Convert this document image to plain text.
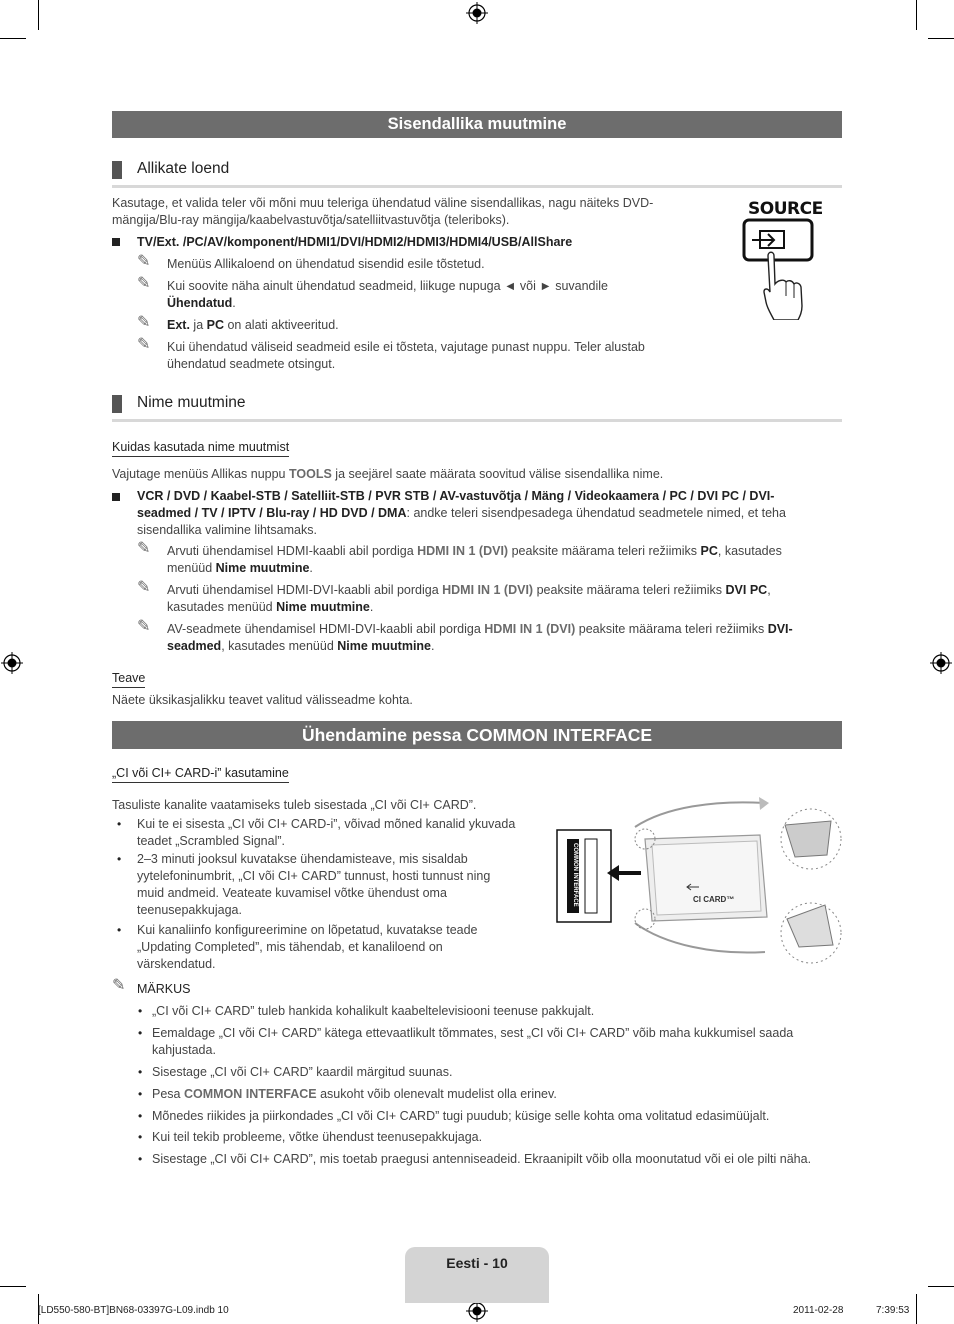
Sisendallika muutmine
Allikate loend
Kasutage, et valida teler või mõni muu teleriga ühendatud väline sisendallikas, nagu näiteks DVD-mängija/Blu-ray mängija/kaabelvastuvõtja/satelliitvastuvõtja (teleriboks).
TV/Ext. /PC/AV/komponent/HDMI1/DVI/HDMI2/HDMI3/HDMI4/USB/AllShare
✎ Menüüs Allikaloend on ühendatud sisendid esile tõstetud.
✎ Kui soovite näha ainult ühendatud seadmeid, liikuge nupuga ◄ või ► suvandile
Ühendatud.
✎ Ext. ja PC on alati aktiveeritud.
✎ Kui ühendatud väliseid seadmeid esile ei tõsteta, vajutage punast nuppu. Teler alustab ühendatud seadmete otsingut.
SOURCE
Nime muutmine
Kuidas kasutada nime muutmist
Vajutage menüüs Allikas nuppu TOOLS ja seejärel saate määrata soovitud välise sisendallika nime.
VCR / DVD / Kaabel-STB / Satelliit-STB / PVR STB / AV-vastuvõtja / Mäng / Videokaamera / PC / DVI PC / DVI-seadmed / TV / IPTV / Blu-ray / HD DVD / DMA: andke teleri sisendpesadega ühendatud seadmetele nimed, et teha sisendallika valimine lihtsamaks.
✎ Arvuti ühendamisel HDMI-kaabli abil pordiga HDMI IN 1 (DVI) peaksite määrama teleri režiimiks PC, kasutades menüüd Nime muutmine.
✎ Arvuti ühendamisel HDMI-DVI-kaabli abil pordiga HDMI IN 1 (DVI) peaksite määrama teleri režiimiks DVI PC, kasutades menüüd Nime muutmine.
✎ AV-seadmete ühendamisel HDMI-DVI-kaabli abil pordiga HDMI IN 1 (DVI) peaksite määrama teleri režiimiks DVI-seadmed, kasutades menüüd Nime muutmine.
Teave
Näete üksikasjalikku teavet valitud välisseadme kohta.
Ühendamine pessa COMMON INTERFACE
„CI või CI+ CARD-i” kasutamine
Tasuliste kanalite vaatamiseks tuleb sisestada „CI või CI+ CARD”.
• Kui te ei sisesta „CI või CI+ CARD-i”, võivad mõned kanalid ykuvada teadet „Scrambled Signal”.
• 2–3 minuti jooksul kuvatakse ühendamisteave, mis sisaldab yytelefoninumbrit, „CI või CI+ CARD” tunnust, hosti tunnust ning muid andmeid. Veateate kuvamisel võtke ühendust oma teenusepakkujaga.
• Kui kanaliinfo konfigureerimine on lõpetatud, kuvatakse teade „Updating Completed”, mis tähendab, et kanaliloend on värskendatud.
COMMON INTERFACE	CI CARD™
✎ MÄRKUS
• „CI või CI+ CARD” tuleb hankida kohalikult kaabeltelevisiooni teenuse pakkujalt.
• Eemaldage „CI või CI+ CARD” kätega ettevaatlikult tõmmates, sest „CI või CI+ CARD” võib maha kukkumisel saada kahjustada.
• Sisestage „CI või CI+ CARD” kaardil märgitud suunas.
• Pesa COMMON INTERFACE asukoht võib olenevalt mudelist olla erinev.
• Mõnedes riikides ja piirkondades „CI või CI+ CARD” tugi puudub; küsige selle kohta oma volitatud edasimüüjalt.
• Kui teil tekib probleeme, võtke ühendust teenusepakkujaga.
• Sisestage „CI või CI+ CARD”, mis toetab praegusi antenniseadeid. Ekraanipilt võib olla moonutatud või ei ole pilti näha.
Eesti - 10
[LD550-580-BT]BN68-03397G-L09.indb 10	2011-02-28	7:39:53
